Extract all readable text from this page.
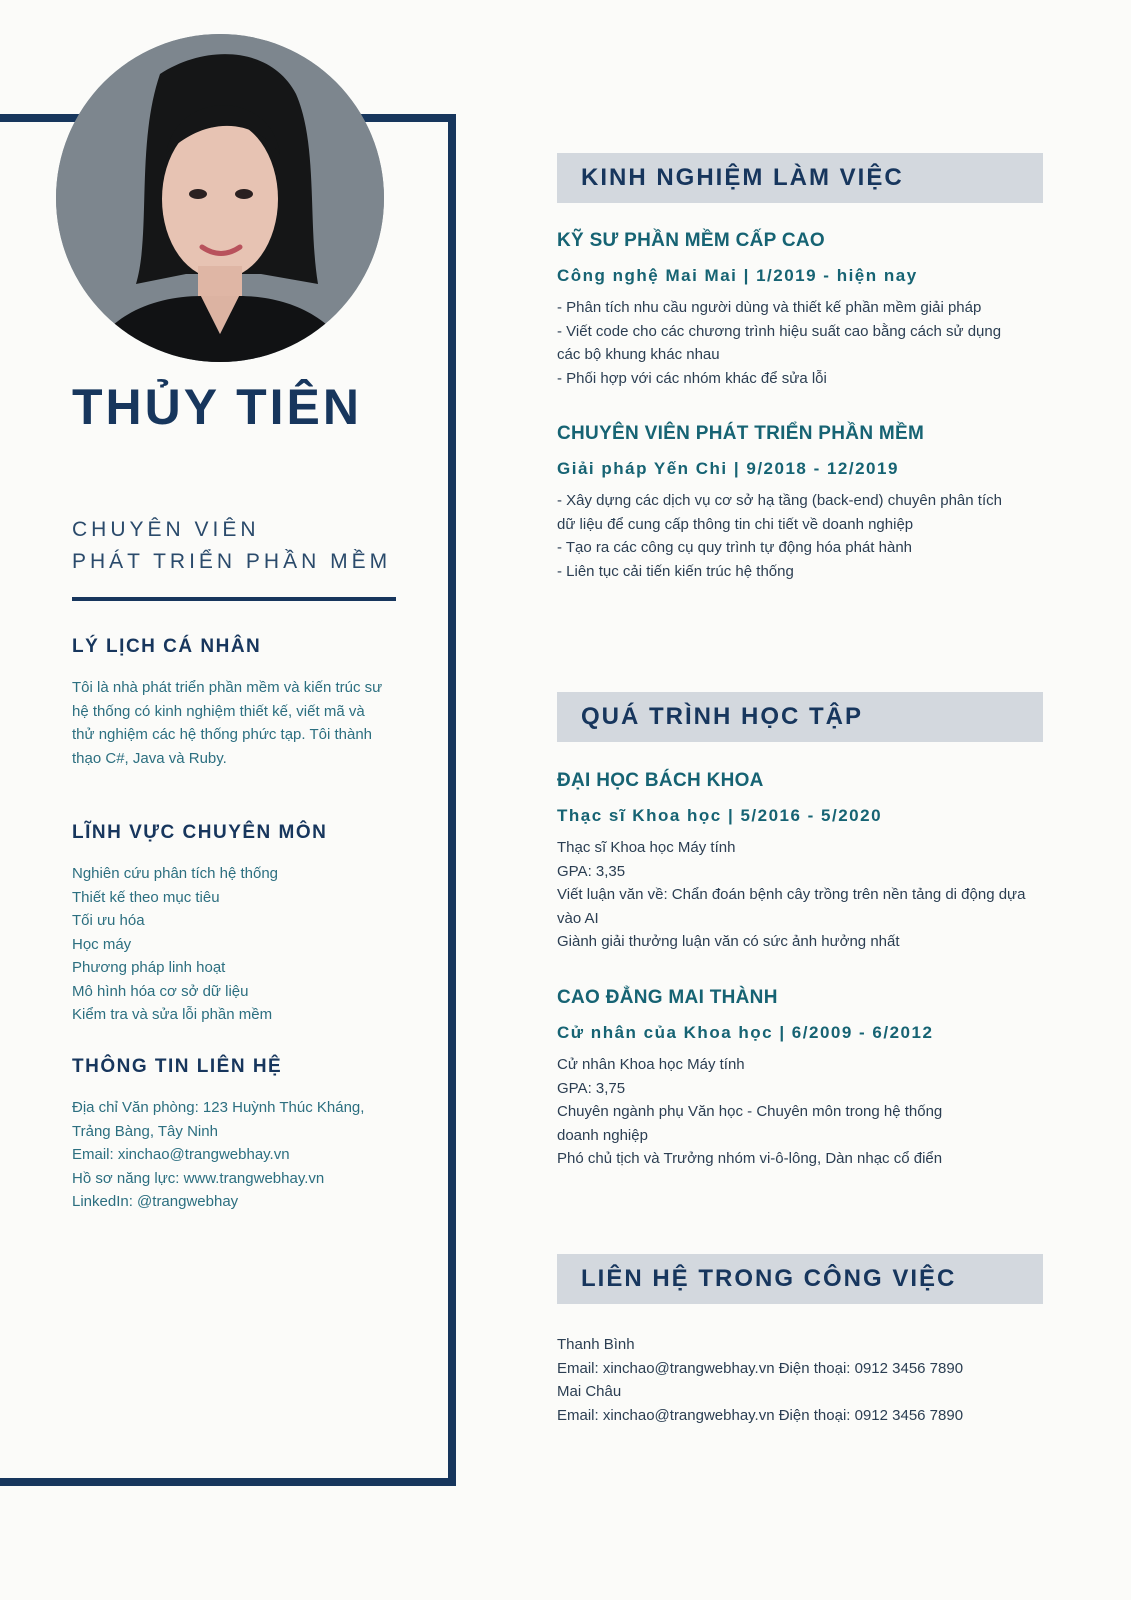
THỦY TIÊN
CHUYÊN VIÊN
PHÁT TRIỂN PHẦN MỀM
LÝ LỊCH CÁ NHÂN

Tôi là nhà phát triển phần mềm và kiến trúc sư hệ thống có kinh nghiệm thiết kế, viết mã và thử nghiệm các hệ thống phức tạp. Tôi thành thạo C#, Java và Ruby.

LĨNH VỰC CHUYÊN MÔN
Nghiên cứu phân tích hệ thống
Thiết kế theo mục tiêu
Tối ưu hóa
Học máy
Phương pháp linh hoạt
Mô hình hóa cơ sở dữ liệu
Kiểm tra và sửa lỗi phần mềm
THÔNG TIN LIÊN HỆ
Địa chỉ Văn phòng: 123 Huỳnh Thúc Kháng,
Trảng Bàng, Tây Ninh
Email: xinchao@trangwebhay.vn
Hồ sơ năng lực: www.trangwebhay.vn
LinkedIn: @trangwebhay
KINH NGHIỆM LÀM VIỆC
KỸ SƯ PHẦN MỀM CẤP CAO
Công nghệ Mai Mai | 1/2019 - hiện nay
- Phân tích nhu cầu người dùng và thiết kế phần mềm giải pháp
- Viết code cho các chương trình hiệu suất cao bằng cách sử dụng
các bộ khung khác nhau
- Phối hợp với các nhóm khác để sửa lỗi
CHUYÊN VIÊN PHÁT TRIỂN PHẦN MỀM
Giải pháp Yến Chi | 9/2018 - 12/2019
- Xây dựng các dịch vụ cơ sở hạ tầng (back-end) chuyên phân tích
dữ liệu để cung cấp thông tin chi tiết về doanh nghiệp
- Tạo ra các công cụ quy trình tự động hóa phát hành
- Liên tục cải tiến kiến trúc hệ thống
QUÁ TRÌNH HỌC TẬP
ĐẠI HỌC BÁCH KHOA
Thạc sĩ Khoa học | 5/2016 - 5/2020
Thạc sĩ Khoa học Máy tính
GPA: 3,35
Viết luận văn về: Chẩn đoán bệnh cây trồng trên nền tảng di động dựa
vào AI
Giành giải thưởng luận văn có sức ảnh hưởng nhất
CAO ĐẲNG MAI THÀNH
Cử nhân của Khoa học | 6/2009 - 6/2012
Cử nhân Khoa học Máy tính
GPA: 3,75
Chuyên ngành phụ Văn học - Chuyên môn trong hệ thống
doanh nghiệp
Phó chủ tịch và Trưởng nhóm vi-ô-lông, Dàn nhạc cổ điển
LIÊN HỆ TRONG CÔNG VIỆC
Thanh Bình
Email: xinchao@trangwebhay.vn Điện thoại: 0912 3456 7890
Mai Châu
Email: xinchao@trangwebhay.vn Điện thoại: 0912 3456 7890
